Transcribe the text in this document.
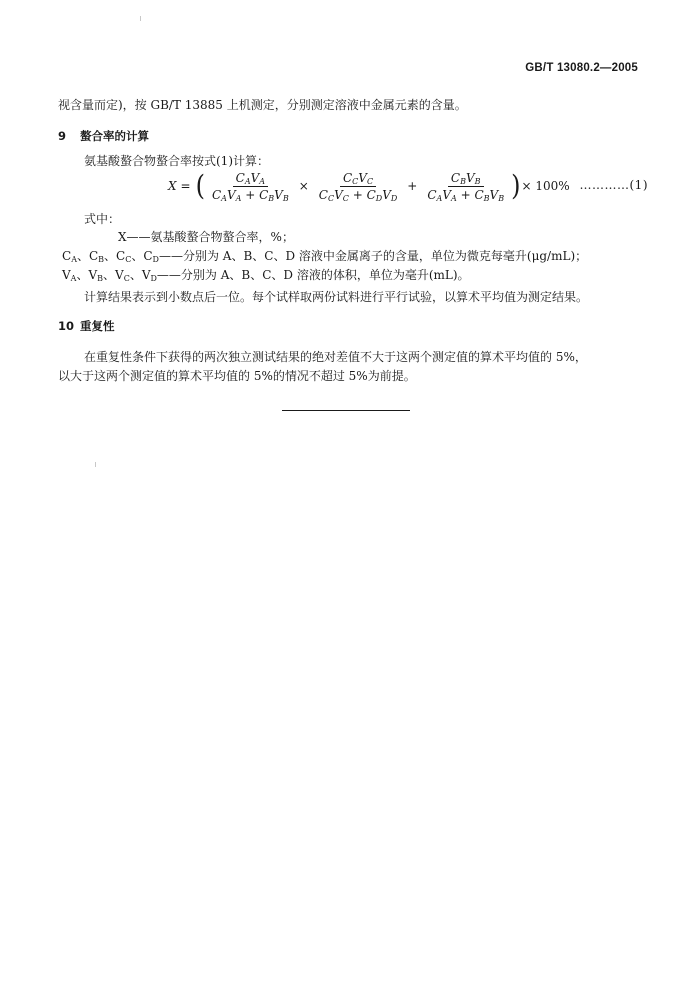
GB/T 13080.2—2005
视含量而定)，按 GB/T 13885 上机测定，分别测定溶液中金属元素的含量。
9 螯合率的计算
氨基酸螯合物螯合率按式(1)计算：
X = ( $\frac{C_AV_A}{C_AV_A + C_BV_B} \times \frac{C_CV_C}{C_CV_C + C_DV_D} + \frac{C_BV_B}{C_AV_A + C_BV_B}$ ) × 100% …………(1)
式中：
X——氨基酸螯合物螯合率，%；
$C_A$、$C_B$、$C_C$、$C_D——$分别为 A、B、C、D 溶液中金属离子的含量，单位为微克每毫升(μg/mL)；
$V_A$、$V_B$、$V_C$、$V_D——$分别为 A、B、C、D 溶液的体积，单位为毫升(mL)。
计算结果表示到小数点后一位。每个试样取两份试料进行平行试验，以算术平均值为测定结果。
10 重复性
在重复性条件下获得的两次独立测试结果的绝对差值不大于这两个测定值的算术平均值的 5%，
以大于这两个测定值的算术平均值的 5%的情况不超过 5%为前提。
